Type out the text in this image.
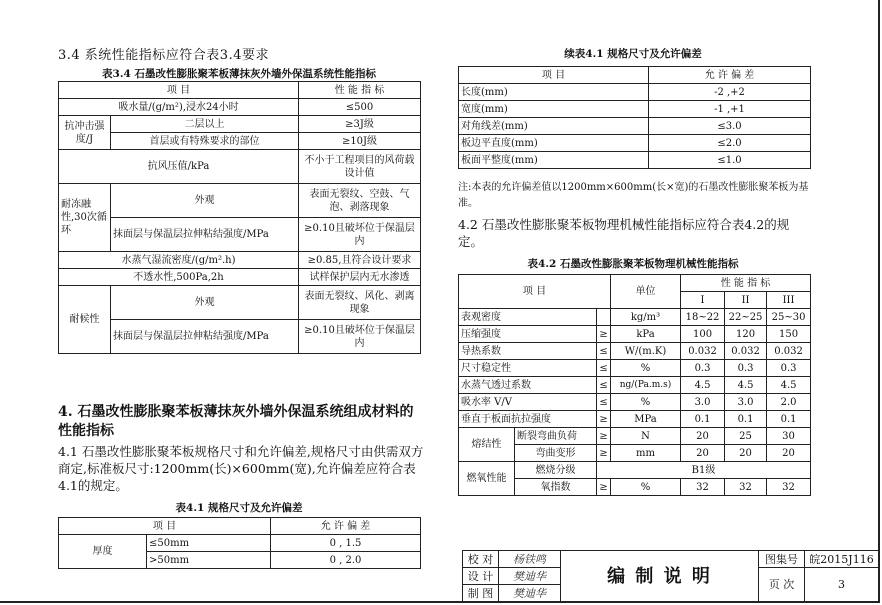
3.4 系统性能指标应符合表3.4要求
表3.4 石墨改性膨胀聚苯板薄抹灰外墙外保温系统性能指标
项 目		性 能 指 标
吸水量/(g/m²),浸水24小时		≤500
抗冲击强度/J	二层以上	≥3J级
	首层或有特殊要求的部位	≥10J级
抗风压值/kPa		不小于工程项目的风荷载设计值
耐冻融性,30次循环	外观	表面无裂纹、空鼓、气泡、剥落现象
	抹面层与保温层拉伸粘结强度/MPa	≥0.10且破坏位于保温层内
水蒸气湿流密度/(g/m².h)		≥0.85,且符合设计要求
不透水性,500Pa,2h		试样保护层内无水渗透
耐候性	外观	表面无裂纹、风化、剥离现象
	抹面层与保温层拉伸粘结强度/MPa	≥0.10且破坏位于保温层内
4. 石墨改性膨胀聚苯板薄抹灰外墙外保温系统组成材料的性能指标
4.1 石墨改性膨胀聚苯板规格尺寸和允许偏差,规格尺寸由供需双方商定,标准板尺寸:1200mm(长)×600mm(宽),允许偏差应符合表4.1的规定。
表4.1 规格尺寸及允许偏差
项 目		允 许 偏 差
厚度	≤50mm	0 , 1.5
	>50mm	0 , 2.0
续表4.1 规格尺寸及允许偏差
项 目	允 许 偏 差
长度(mm)	-2 ,+2
宽度(mm)	-1 ,+1
对角线差(mm)	≤3.0
板边平直度(mm)	≤2.0
板面平整度(mm)	≤1.0
注:本表的允许偏差值以1200mm×600mm(长×宽)的石墨改性膨胀聚苯板为基准。
4.2 石墨改性膨胀聚苯板物理机械性能指标应符合表4.2的规定。
表4.2 石墨改性膨胀聚苯板物理机械性能指标
项 目			单位	性 能 指 标		
				I	II	III
表观密度			kg/m³	18~22	22~25	25~30
压缩强度		≥	kPa	100	120	150
导热系数		≤	W/(m.K)	0.032	0.032	0.032
尺寸稳定性		≤	%	0.3	0.3	0.3
水蒸气透过系数		≤	ng/(Pa.m.s)	4.5	4.5	4.5
吸水率 V/V		≤	%	3.0	3.0	2.0
垂直于板面抗拉强度		≥	MPa	0.1	0.1	0.1
熔结性	断裂弯曲负荷	≥	N	20	25	30
	弯曲变形	≥	mm	20	20	20
燃氧性能	燃烧分级	B1级				
	氧指数	≥	%	32	32	32
校 对	杨铁鸣	编 制 说 明	图集号	皖2015J116
设 计	樊迪华		页 次	3
制 图	樊迪华			
